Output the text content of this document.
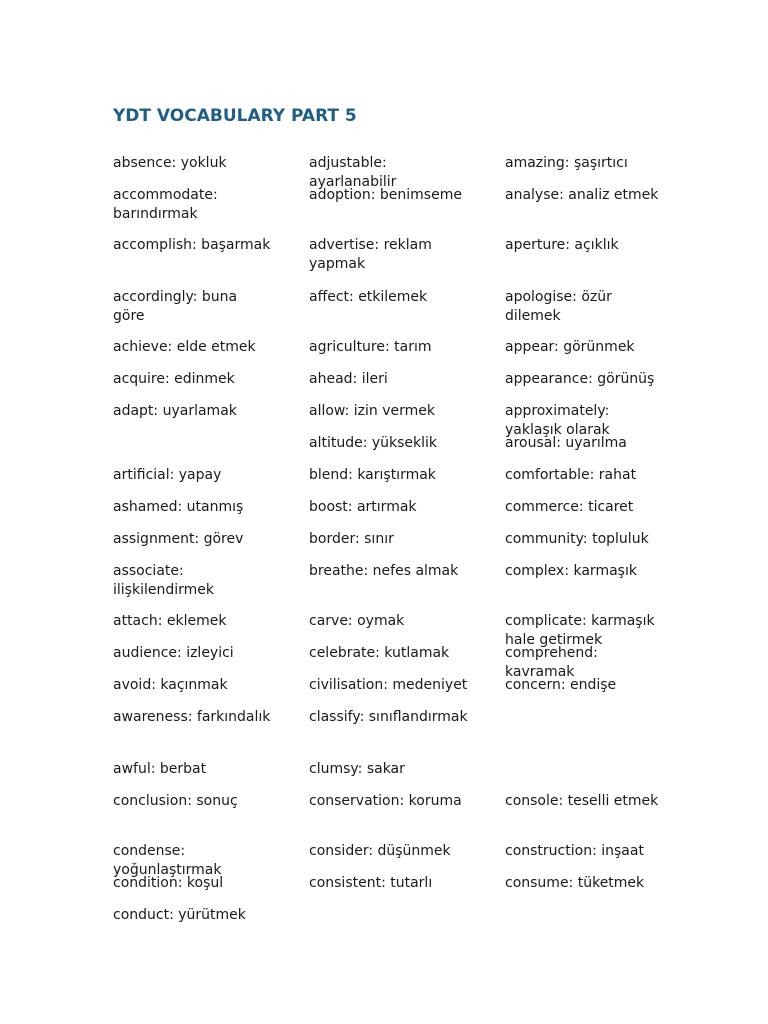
YDT VOCABULARY PART 5
absence: yokluk
accommodate: barındırmak
accomplish: başarmak
accordingly: buna göre
achieve: elde etmek
acquire: edinmek
adapt: uyarlamak
artificial: yapay
ashamed: utanmış
assignment: görev
associate: ilişkilendirmek
attach: eklemek
audience: izleyici
avoid: kaçınmak
awareness: farkındalık
awful: berbat
conclusion: sonuç
condense: yoğunlaştırmak
condition: koşul
conduct: yürütmek
adjustable: ayarlanabilir
adoption: benimseme
advertise: reklam yapmak
affect: etkilemek
agriculture: tarım
ahead: ileri
allow: izin vermek
altitude: yükseklik
blend: karıştırmak
boost: artırmak
border: sınır
breathe: nefes almak
carve: oymak
celebrate: kutlamak
civilisation: medeniyet
classify: sınıflandırmak
clumsy: sakar
conservation: koruma
consider: düşünmek
consistent: tutarlı
amazing: şaşırtıcı
analyse: analiz etmek
aperture: açıklık
apologise: özür dilemek
appear: görünmek
appearance: görünüş
approximately: yaklaşık olarak
arousal: uyarılma
comfortable: rahat
commerce: ticaret
community: topluluk
complex: karmaşık
complicate: karmaşık hale getirmek
comprehend: kavramak
concern: endişe
console: teselli etmek
construction: inşaat
consume: tüketmek
